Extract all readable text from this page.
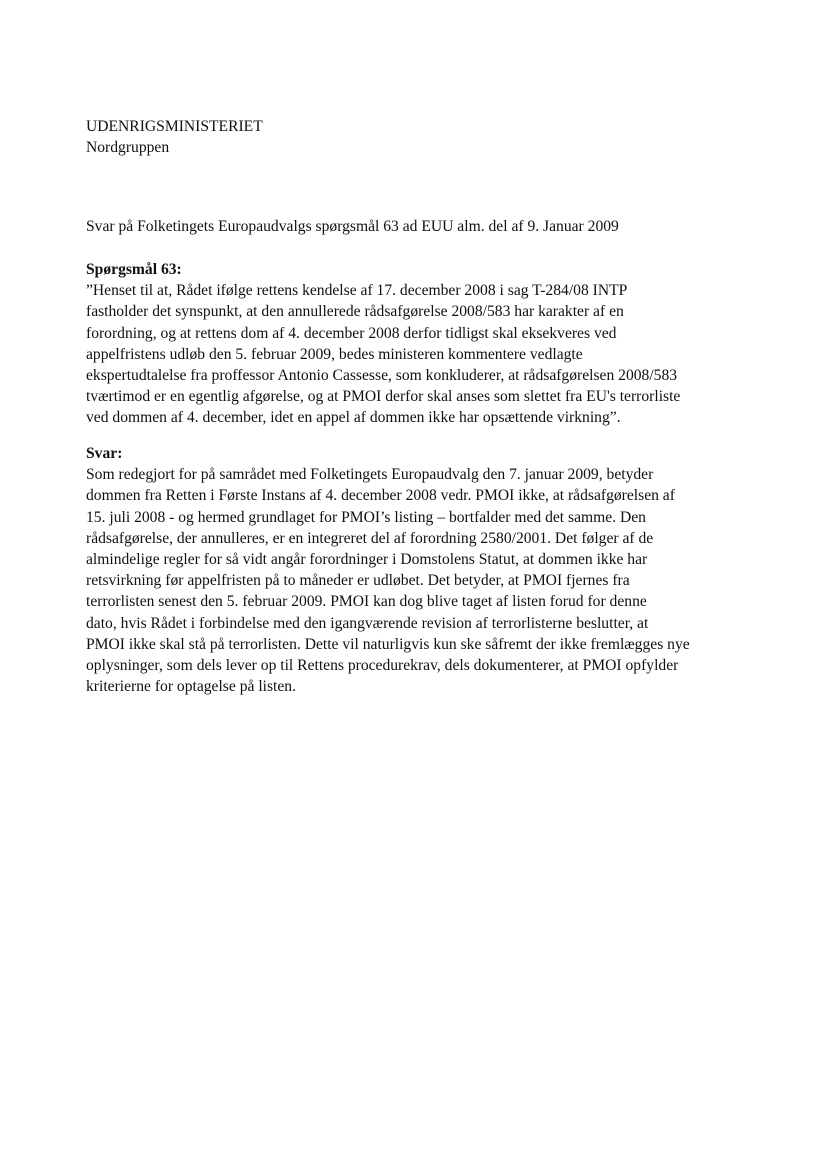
UDENRIGSMINISTERIET
Nordgruppen
Svar på Folketingets Europaudvalgs spørgsmål 63 ad EUU alm. del af 9. Januar 2009
Spørgsmål 63:
”Henset til at, Rådet ifølge rettens kendelse af 17. december 2008 i sag T-284/08 INTP
fastholder det synspunkt, at den annullerede rådsafgørelse 2008/583 har karakter af en
forordning, og at rettens dom af 4. december 2008 derfor tidligst skal eksekveres ved
appelfristens udløb den 5. februar 2009, bedes ministeren kommentere vedlagte
ekspertudtalelse fra proffessor Antonio Cassesse, som konkluderer, at rådsafgørelsen 2008/583
tværtimod er en egentlig afgørelse, og at PMOI derfor skal anses som slettet fra EU's terrorliste
ved dommen af 4. december, idet en appel af dommen ikke har opsættende virkning”.
Svar:
Som redegjort for på samrådet med Folketingets Europaudvalg den 7. januar 2009, betyder
dommen fra Retten i Første Instans af 4. december 2008 vedr. PMOI ikke, at rådsafgørelsen af
15. juli 2008 - og hermed grundlaget for PMOI’s listing – bortfalder med det samme. Den
rådsafgørelse, der annulleres, er en integreret del af forordning 2580/2001. Det følger af de
almindelige regler for så vidt angår forordninger i Domstolens Statut, at dommen ikke har
retsvirkning før appelfristen på to måneder er udløbet. Det betyder, at PMOI fjernes fra
terrorlisten senest den 5. februar 2009. PMOI kan dog blive taget af listen forud for denne
dato, hvis Rådet i forbindelse med den igangværende revision af terrorlisterne beslutter, at
PMOI ikke skal stå på terrorlisten. Dette vil naturligvis kun ske såfremt der ikke fremlægges nye
oplysninger, som dels lever op til Rettens procedurekrav, dels dokumenterer, at PMOI opfylder
kriterierne for optagelse på listen.
